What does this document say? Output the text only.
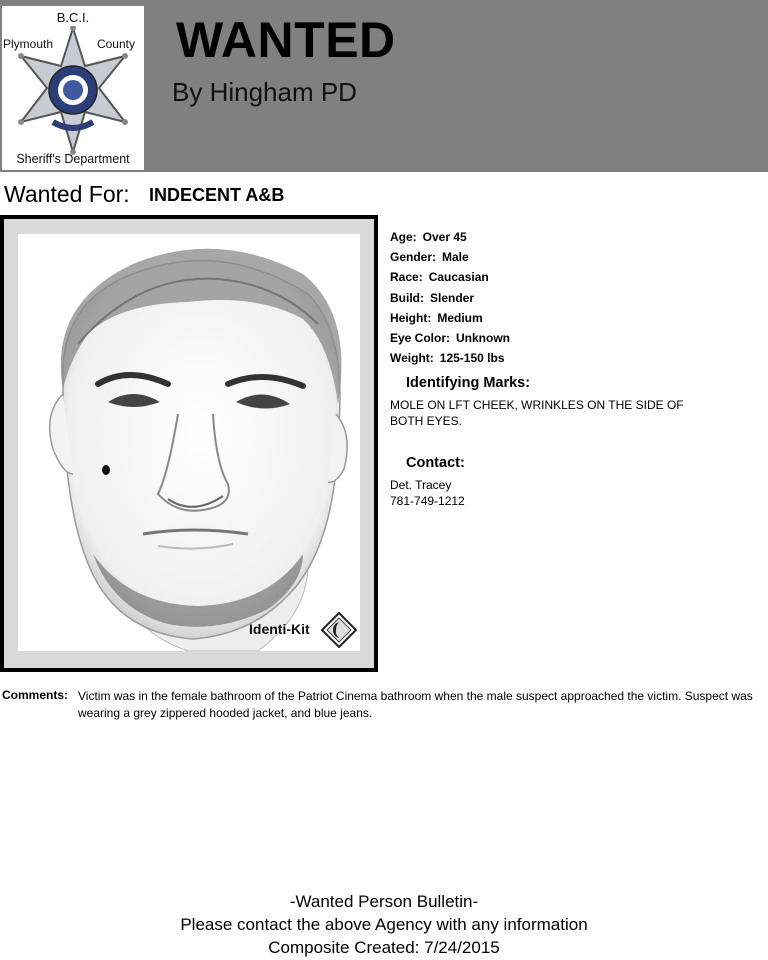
B.C.I.
Plymouth	County
Sheriff's Department
WANTED
By Hingham PD
Wanted For: INDECENT A&B
Identi-Kit
Age: Over 45
Gender: Male
Race: Caucasian
Build: Slender
Height: Medium
Eye Color: Unknown
Weight: 125-150 lbs
Identifying Marks:
MOLE ON LFT CHEEK, WRINKLES ON THE SIDE OF BOTH EYES.
Contact:
Det. Tracey
781-749-1212
Comments: Victim was in the female bathroom of the Patriot Cinema bathroom when the male suspect approached the victim. Suspect was wearing a grey zippered hooded jacket, and blue jeans.
-Wanted Person Bulletin-
Please contact the above Agency with any information
Composite Created: 7/24/2015
